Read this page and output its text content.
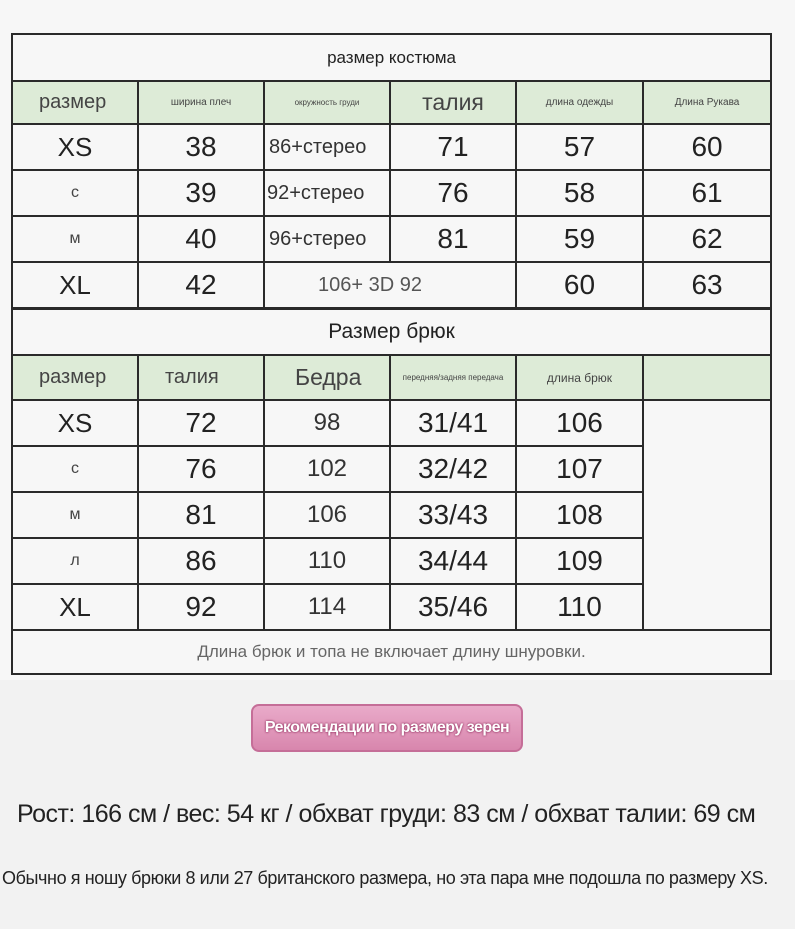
размер костюма					
размер	ширина плеч	окружность груди	талия	длина одежды	Длина Рукава
XS	38	86+стерео	71	57	60
с	39	92+стерео	76	58	61
м	40	96+стерео	81	59	62
XL	42	106+ 3D 92		60	63
Размер брюк					
размер	талия	Бедра	передняя/задняя передача	длина брюк	
XS	72	98	31/41	106	
с	76	102	32/42	107	
м	81	106	33/43	108	
л	86	110	34/44	109	
XL	92	114	35/46	110	
Длина брюк и топа не включает длину шнуровки.					
Рекомендации по размеру зерен
Рост: 166 см / вес: 54 кг / обхват груди: 83 см / обхват талии: 69 см
Обычно я ношу брюки 8 или 27 британского размера, но эта пара мне подошла по размеру XS.
